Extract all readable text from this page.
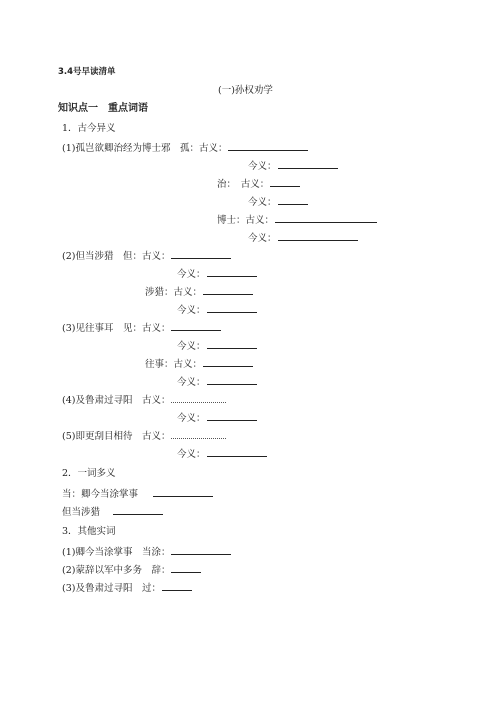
3.4号早读清单
(一)孙权劝学
知识点一　重点词语
1．古今异义
(1)孤岂欲卿治经为博士邪　孤：古义：
今义：
治：　古义：
今义：
博士：古义：
今义：
(2)但当涉猎　但：古义：
今义：
涉猎：古义：
今义：
(3)见往事耳　见：古义：
今义：
往事：古义：
今义：
(4)及鲁肃过寻阳　古义：
今义：
(5)即更刮目相待　古义：
今义：
2．一词多义
当：卿今当涂掌事
但当涉猎
3．其他实词
(1)卿今当涂掌事　当涂：
(2)蒙辞以军中多务　辞：
(3)及鲁肃过寻阳　过：
